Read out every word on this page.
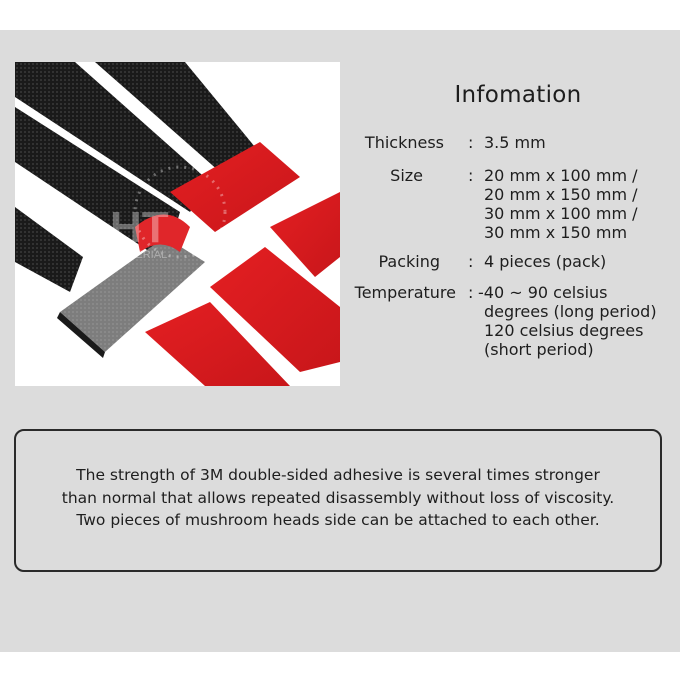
HT
MATERIAL
Infomation
Thickness : 3.5 mm
Size	: 20 mm x 100 mm /
20 mm x 150 mm /
30 mm x 100 mm /
30 mm x 150 mm
Packing : 4 pieces (pack)
Temperature : -40 ~ 90 celsius
degrees (long period)
120 celsius degrees
(short period)
The strength of 3M double-sided adhesive is several times stronger
than normal that allows repeated disassembly without loss of viscosity.
Two pieces of mushroom heads side can be attached to each other.
